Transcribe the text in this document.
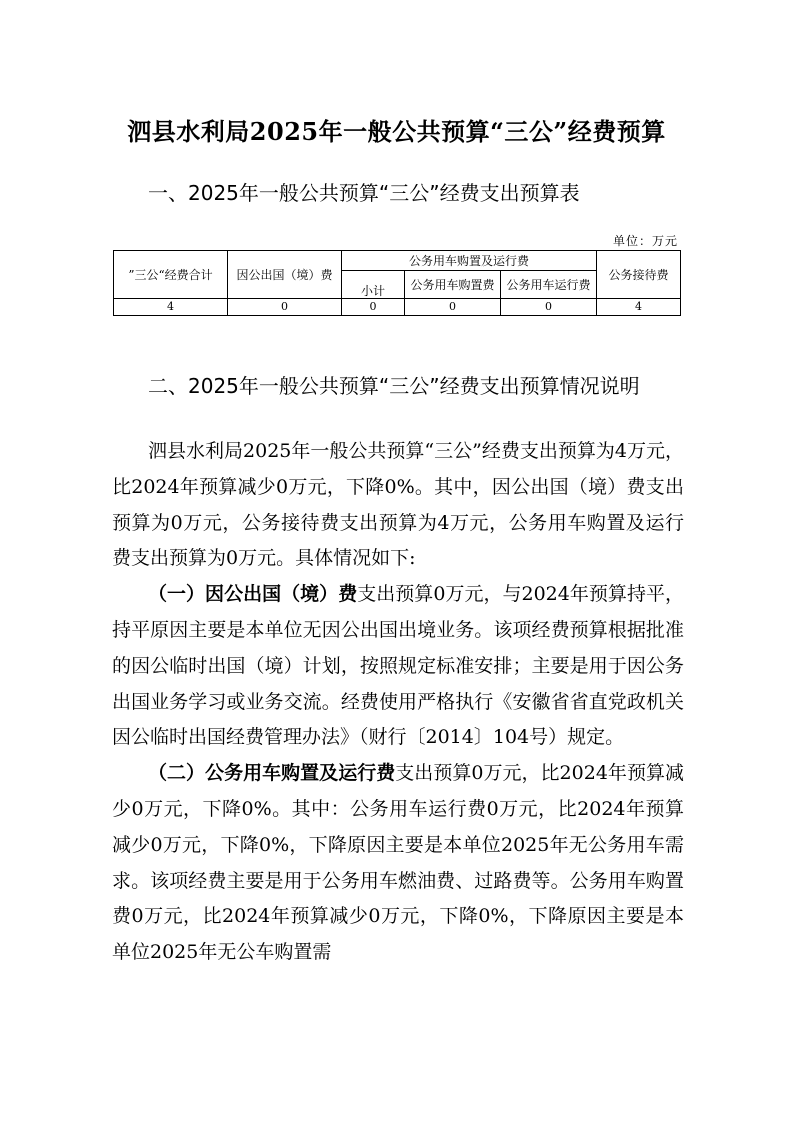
泗县水利局2025年一般公共预算“三公”经费预算
一、2025年一般公共预算“三公”经费支出预算表
单位：万元
”三公“经费合计	因公出国（境）费	公务用车购置及运行费			公务接待费
		小计	公务用车购置费	公务用车运行费	
4	0	0	0	0	4
二、2025年一般公共预算“三公”经费支出预算情况说明

泗县水利局2025年一般公共预算“三公”经费支出预算为4万元，比2024年预算减少0万元，下降0%。其中，因公出国（境）费支出预算为0万元，公务接待费支出预算为4万元，公务用车购置及运行费支出预算为0万元。具体情况如下:

（一）因公出国（境）费支出预算0万元，与2024年预算持平，持平原因主要是本单位无因公出国出境业务。该项经费预算根据批准的因公临时出国（境）计划，按照规定标准安排；主要是用于因公务出国业务学习或业务交流。经费使用严格执行《安徽省省直党政机关因公临时出国经费管理办法》（财行〔2014〕104号）规定。

（二）公务用车购置及运行费支出预算0万元，比2024年预算减少0万元，下降0%。其中：公务用车运行费0万元，比2024年预算减少0万元，下降0%，下降原因主要是本单位2025年无公务用车需求。该项经费主要是用于公务用车燃油费、过路费等。公务用车购置费0万元，比2024年预算减少0万元，下降0%，下降原因主要是本单位2025年无公车购置需
